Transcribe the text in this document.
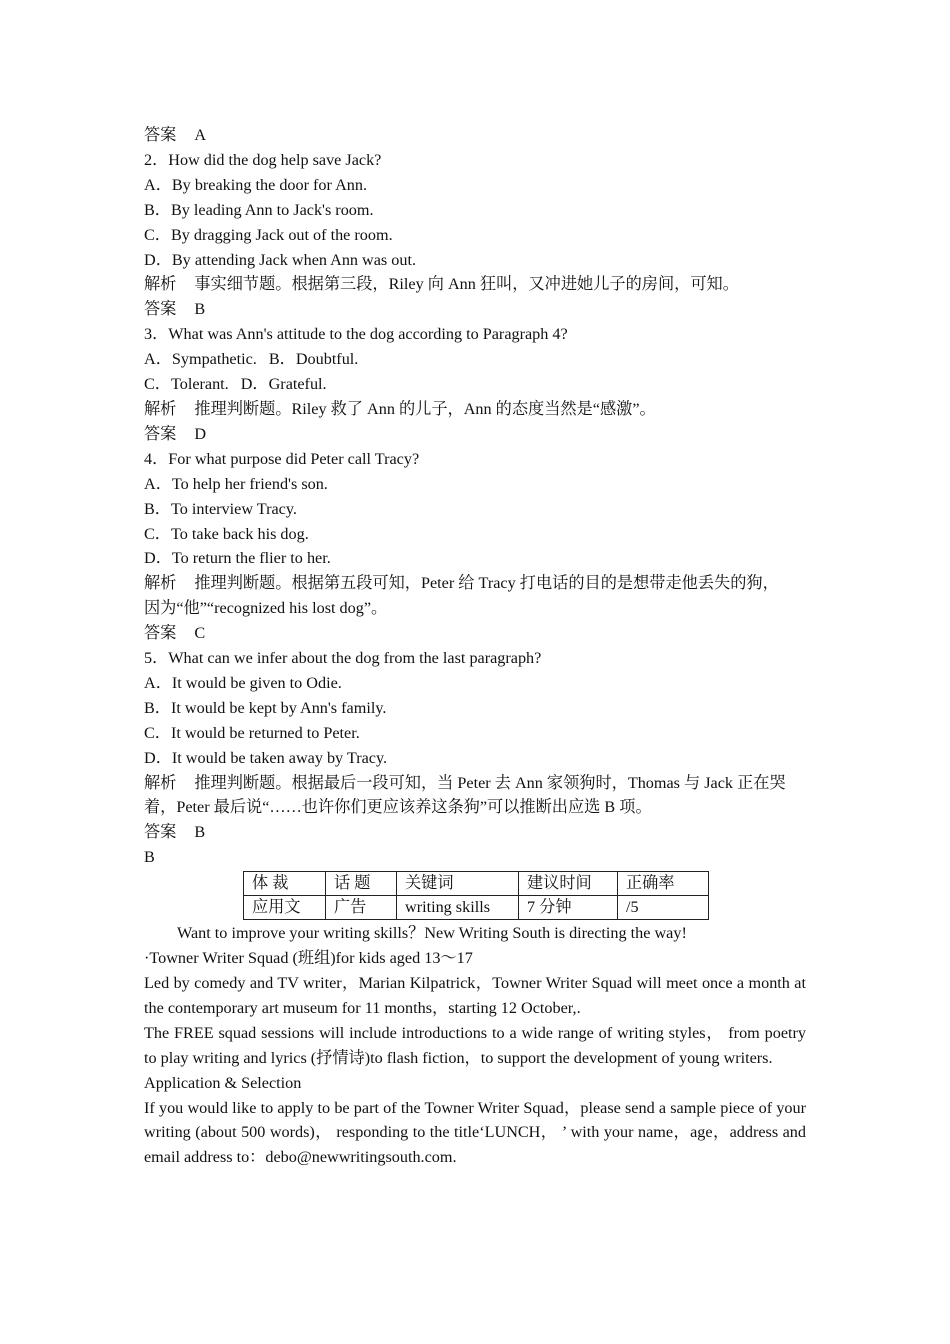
答案 A

2．How did the dog help save Jack?

A．By breaking the door for Ann.

B．By leading Ann to Jack's room.

C．By dragging Jack out of the room.

D．By attending Jack when Ann was out.

解析 事实细节题。根据第三段，Riley 向 Ann 狂叫，又冲进她儿子的房间，可知。

答案 B

3．What was Ann's attitude to the dog according to Paragraph 4?

A．Sympathetic. B．Doubtful.

C．Tolerant. D．Grateful.

解析 推理判断题。Riley 救了 Ann 的儿子，Ann 的态度当然是“感激”。

答案 D

4．For what purpose did Peter call Tracy?

A．To help her friend's son.

B．To interview Tracy.

C．To take back his dog.

D．To return the flier to her.

解析 推理判断题。根据第五段可知，Peter 给 Tracy 打电话的目的是想带走他丢失的狗，

因为“他”“recognized his lost dog”。

答案 C

5．What can we infer about the dog from the last paragraph?

A．It would be given to Odie.

B．It would be kept by Ann's family.

C．It would be returned to Peter.

D．It would be taken away by Tracy.

解析 推理判断题。根据最后一段可知，当 Peter 去 Ann 家领狗时，Thomas 与 Jack 正在哭

着，Peter 最后说“……也许你们更应该养这条狗”可以推断出应选 B 项。

答案 B

B

体 裁	话 题	关键词	建议时间	正确率
应用文	广告	writing skills	7 分钟	/5

Want to improve your writing skills？New Writing South is directing the way!

·Towner Writer Squad (班组)for kids aged 13～17

Led by comedy and TV writer，Marian Kilpatrick，Towner Writer Squad will meet once a month at the contemporary art museum for 11 months，starting 12 October,.

The FREE squad sessions will include introductions to a wide range of writing styles， from poetry to play writing and lyrics (抒情诗)to flash fiction，to support the development of young writers.

Application & Selection

If you would like to apply to be part of the Towner Writer Squad，please send a sample piece of your writing (about 500 words)， responding to the title‘LUNCH， ’ with your name，age，address and email address to：debo@newwritingsouth.com.
